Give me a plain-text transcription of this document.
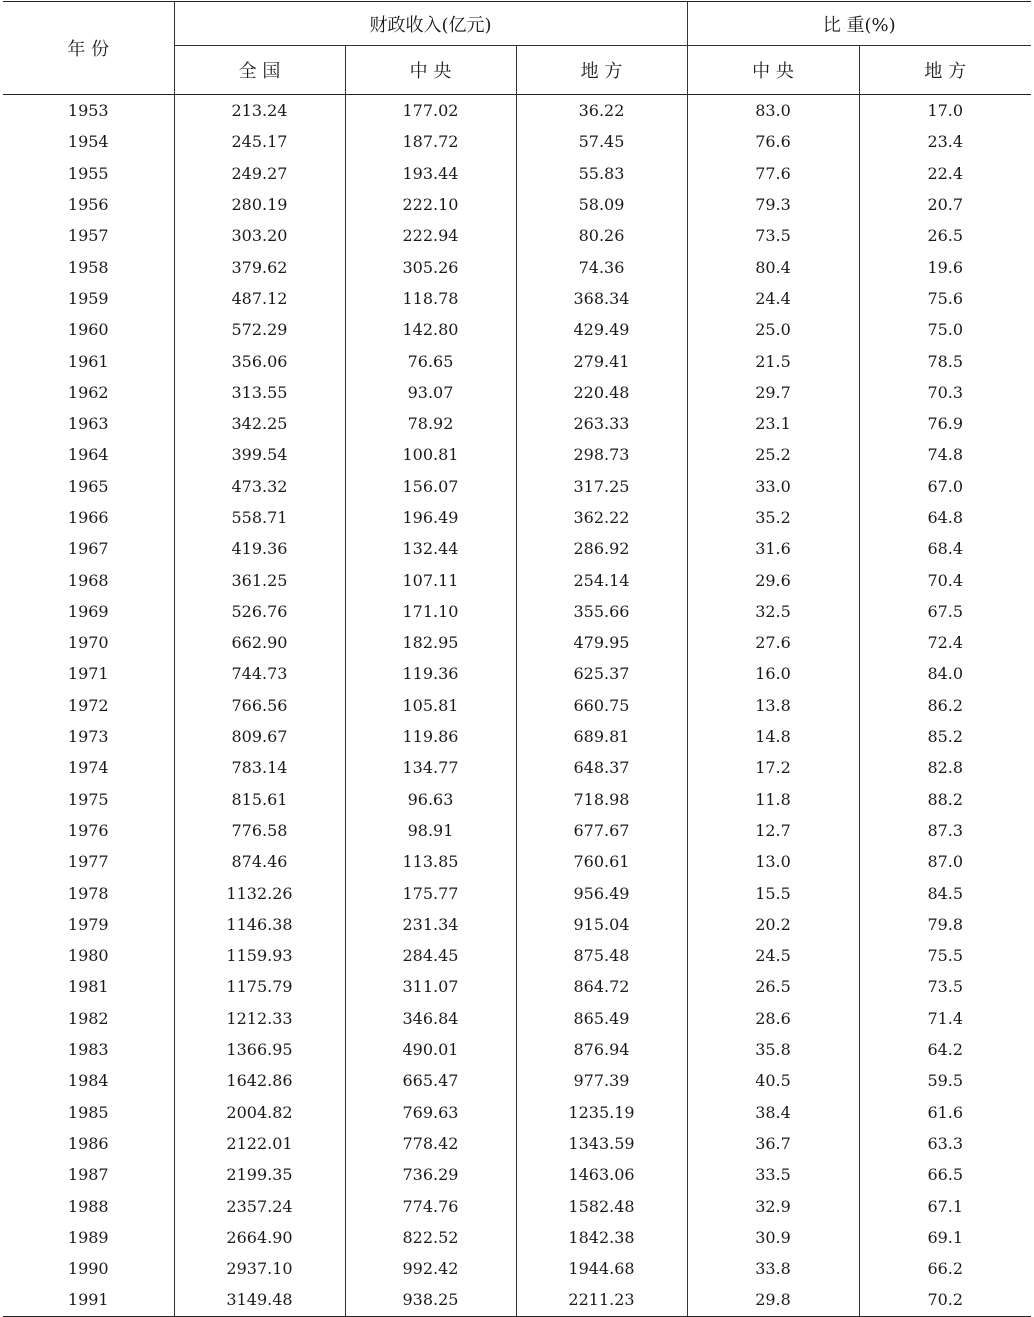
年 份	财政收入(亿元)			比 重(%)	
	全 国	中 央	地 方	中 央	地 方
1953	213.24	177.02	36.22	83.0	17.0
1954	245.17	187.72	57.45	76.6	23.4
1955	249.27	193.44	55.83	77.6	22.4
1956	280.19	222.10	58.09	79.3	20.7
1957	303.20	222.94	80.26	73.5	26.5
1958	379.62	305.26	74.36	80.4	19.6
1959	487.12	118.78	368.34	24.4	75.6
1960	572.29	142.80	429.49	25.0	75.0
1961	356.06	76.65	279.41	21.5	78.5
1962	313.55	93.07	220.48	29.7	70.3
1963	342.25	78.92	263.33	23.1	76.9
1964	399.54	100.81	298.73	25.2	74.8
1965	473.32	156.07	317.25	33.0	67.0
1966	558.71	196.49	362.22	35.2	64.8
1967	419.36	132.44	286.92	31.6	68.4
1968	361.25	107.11	254.14	29.6	70.4
1969	526.76	171.10	355.66	32.5	67.5
1970	662.90	182.95	479.95	27.6	72.4
1971	744.73	119.36	625.37	16.0	84.0
1972	766.56	105.81	660.75	13.8	86.2
1973	809.67	119.86	689.81	14.8	85.2
1974	783.14	134.77	648.37	17.2	82.8
1975	815.61	96.63	718.98	11.8	88.2
1976	776.58	98.91	677.67	12.7	87.3
1977	874.46	113.85	760.61	13.0	87.0
1978	1132.26	175.77	956.49	15.5	84.5
1979	1146.38	231.34	915.04	20.2	79.8
1980	1159.93	284.45	875.48	24.5	75.5
1981	1175.79	311.07	864.72	26.5	73.5
1982	1212.33	346.84	865.49	28.6	71.4
1983	1366.95	490.01	876.94	35.8	64.2
1984	1642.86	665.47	977.39	40.5	59.5
1985	2004.82	769.63	1235.19	38.4	61.6
1986	2122.01	778.42	1343.59	36.7	63.3
1987	2199.35	736.29	1463.06	33.5	66.5
1988	2357.24	774.76	1582.48	32.9	67.1
1989	2664.90	822.52	1842.38	30.9	69.1
1990	2937.10	992.42	1944.68	33.8	66.2
1991	3149.48	938.25	2211.23	29.8	70.2
